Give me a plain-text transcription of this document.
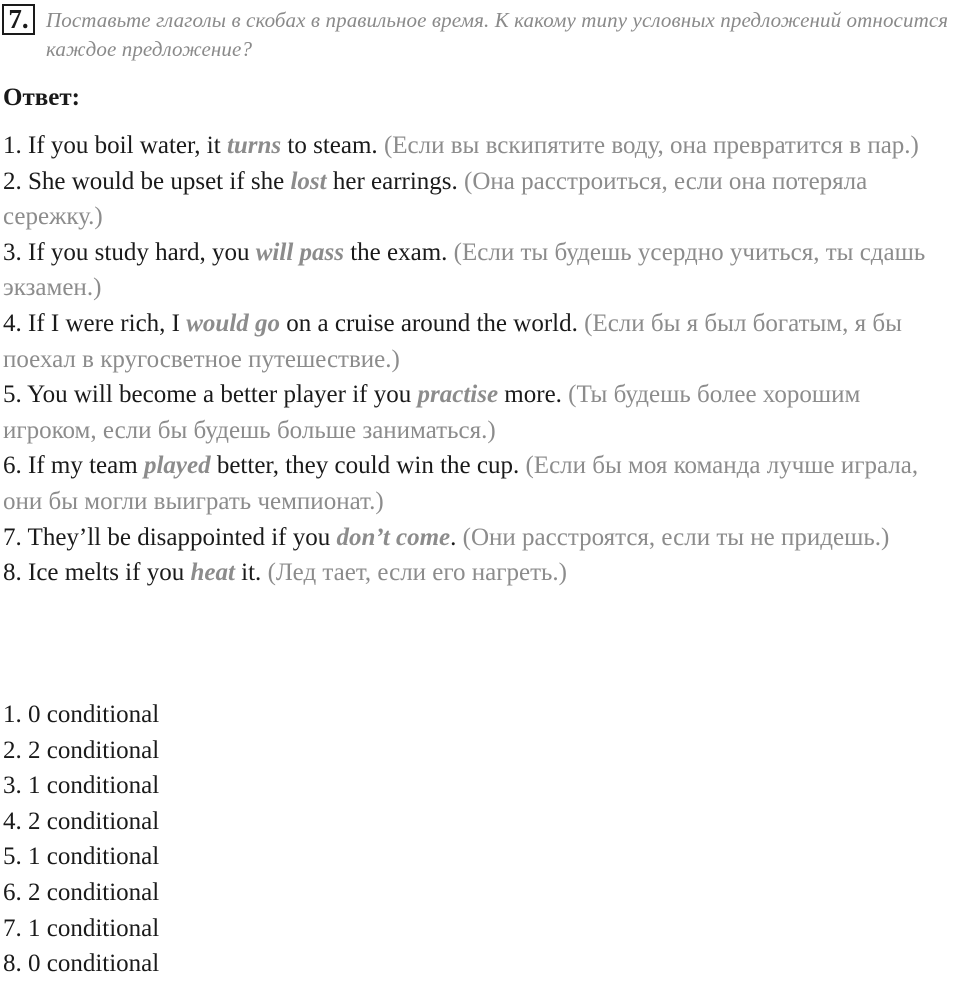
7. Поставьте глаголы в скобах в правильное время. К какому типу условных предложений относится каждое предложение?
Ответ:

1. If you boil water, it turns to steam. (Если вы вскипятите воду, она превратится в пар.)

2. She would be upset if she lost her earrings. (Она расстроиться, если она потеряла сережку.)

3. If you study hard, you will pass the exam. (Если ты будешь усердно учиться, ты сдашь экзамен.)

4. If I were rich, I would go on a cruise around the world. (Если бы я был богатым, я бы поехал в кругосветное путешествие.)

5. You will become a better player if you practise more. (Ты будешь более хорошим игроком, если бы будешь больше заниматься.)

6. If my team played better, they could win the cup. (Если бы моя команда лучше играла, они бы могли выиграть чемпионат.)

7. They’ll be disappointed if you don’t come. (Они расстроятся, если ты не придешь.)

8. Ice melts if you heat it. (Лед тает, если его нагреть.)

1. 0 conditional

2. 2 conditional

3. 1 conditional

4. 2 conditional

5. 1 conditional

6. 2 conditional

7. 1 conditional

8. 0 conditional
